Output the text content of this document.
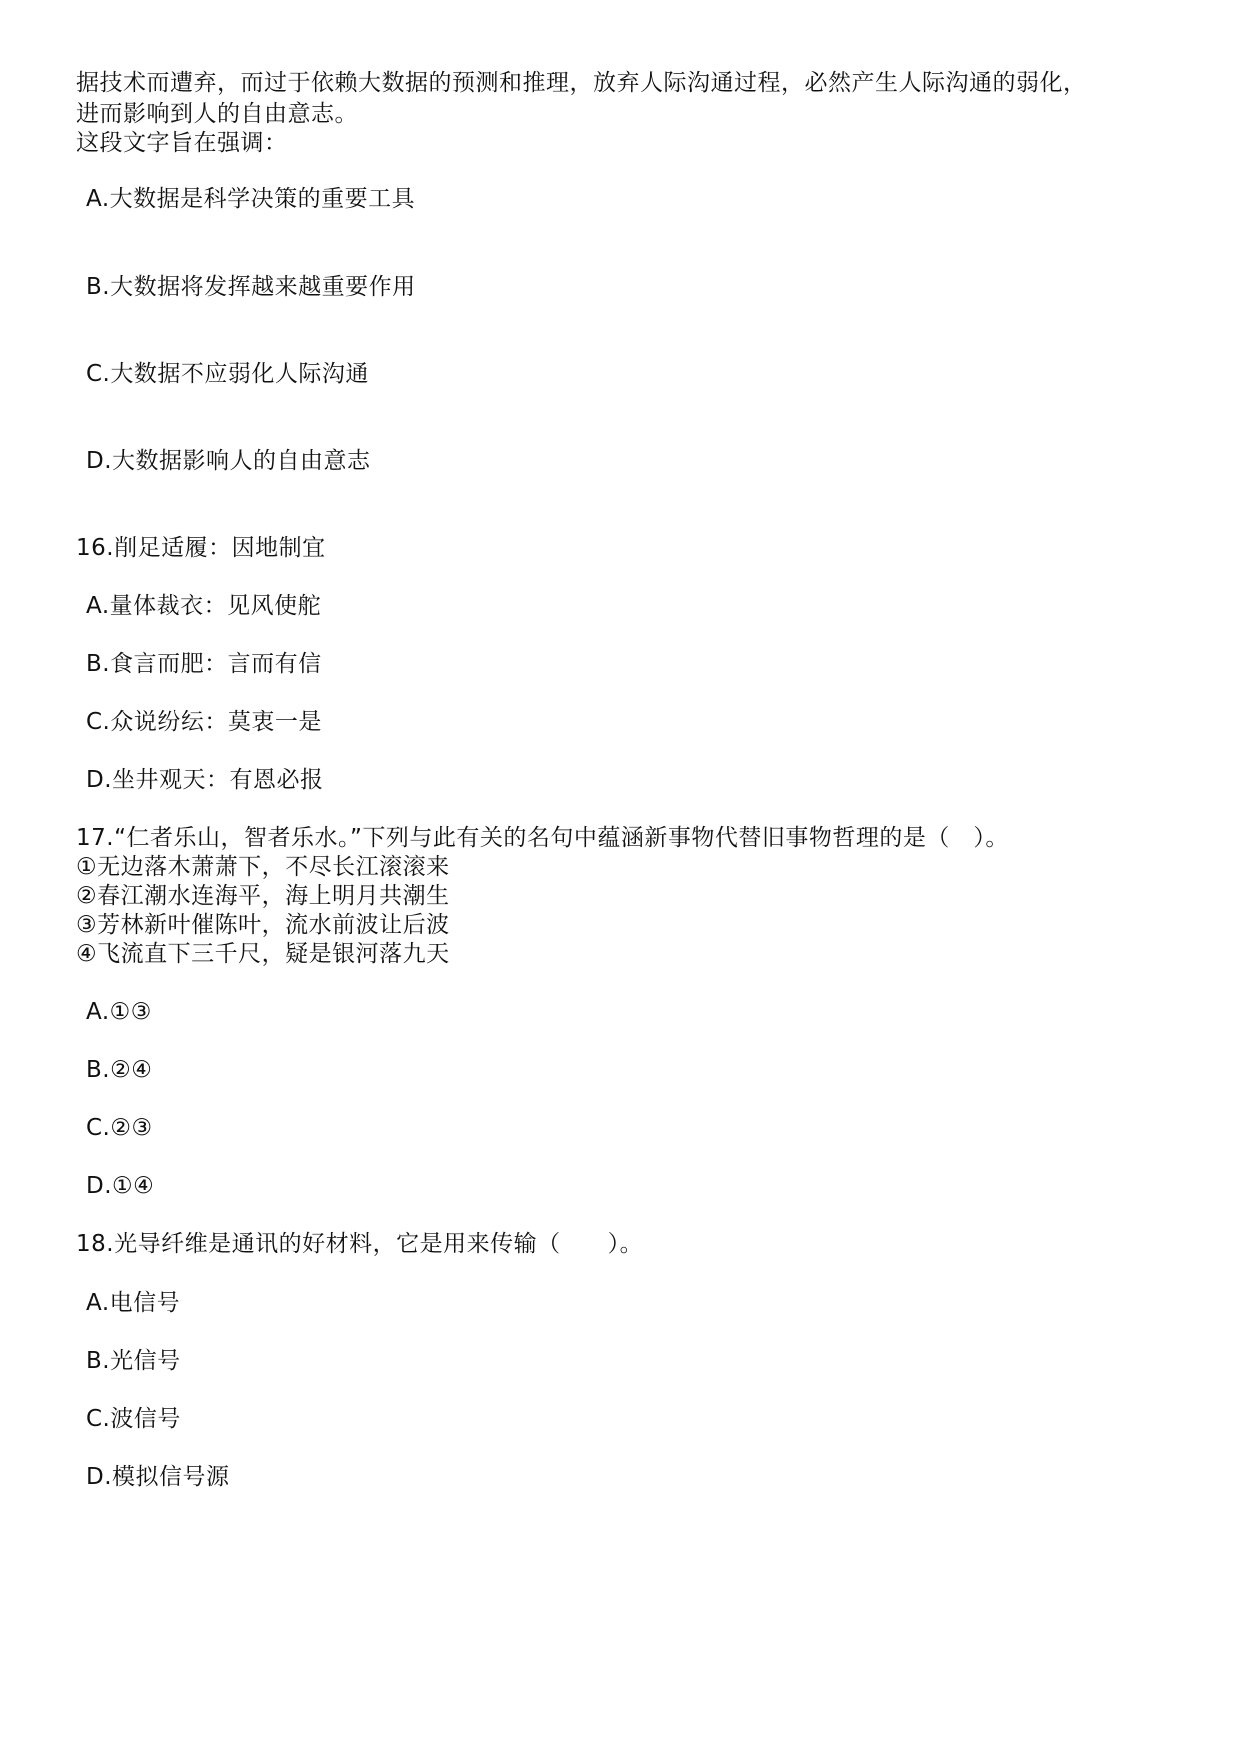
据技术而遭弃，而过于依赖大数据的预测和推理，放弃人际沟通过程，必然产生人际沟通的弱化，
进而影响到人的自由意志。
这段文字旨在强调：
A.大数据是科学决策的重要工具
B.大数据将发挥越来越重要作用
C.大数据不应弱化人际沟通
D.大数据影响人的自由意志
16.削足适履：因地制宜
A.量体裁衣：见风使舵
B.食言而肥：言而有信
C.众说纷纭：莫衷一是
D.坐井观天：有恩必报
17.“仁者乐山，智者乐水。”下列与此有关的名句中蕴涵新事物代替旧事物哲理的是（　）。
①无边落木萧萧下，不尽长江滚滚来
②春江潮水连海平，海上明月共潮生
③芳林新叶催陈叶，流水前波让后波
④飞流直下三千尺，疑是银河落九天
A.①③
B.②④
C.②③
D.①④
18.光导纤维是通讯的好材料，它是用来传输（　　）。
A.电信号
B.光信号
C.波信号
D.模拟信号源
